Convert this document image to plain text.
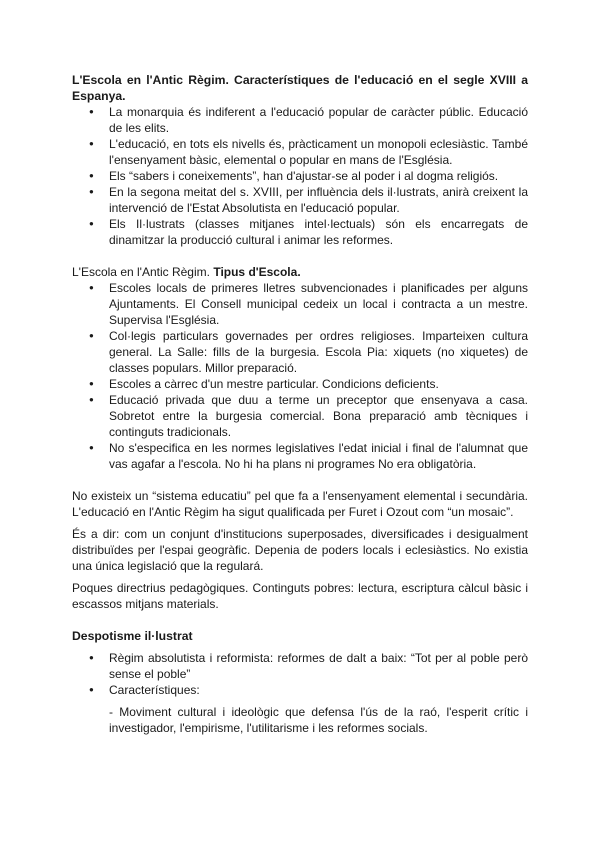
L'Escola en l'Antic Règim. Característiques de l'educació en el segle XVIII a Espanya.
● La monarquia és indiferent a l'educació popular de caràcter públic. Educació de les elits.
● L'educació, en tots els nivells és, pràcticament un monopoli eclesiàstic. També l'ensenyament bàsic, elemental o popular en mans de l'Església.
● Els “sabers i coneixements”, han d'ajustar-se al poder i al dogma religiós.
● En la segona meitat del s. XVIII, per influència dels il·lustrats, anirà creixent la intervenció de l'Estat Absolutista en l'educació popular.
● Els Il·lustrats (classes mitjanes intel·lectuals) són els encarregats de dinamitzar la producció cultural i animar les reformes.
L'Escola en l'Antic Règim. Tipus d'Escola.
● Escoles locals de primeres lletres subvencionades i planificades per alguns Ajuntaments. El Consell municipal cedeix un local i contracta a un mestre. Supervisa l'Església.
● Col·legis particulars governades per ordres religioses. Imparteixen cultura general. La Salle: fills de la burgesia. Escola Pia: xiquets (no xiquetes) de classes populars. Millor preparació.
● Escoles a càrrec d'un mestre particular. Condicions deficients.
● Educació privada que duu a terme un preceptor que ensenyava a casa. Sobretot entre la burgesia comercial. Bona preparació amb tècniques i continguts tradicionals.
● No s'especifica en les normes legislatives l'edat inicial i final de l'alumnat que vas agafar a l'escola. No hi ha plans ni programes No era obligatòria.

No existeix un “sistema educatiu” pel que fa a l'ensenyament elemental i secundària. L'educació en l'Antic Règim ha sigut qualificada per Furet i Ozout com “un mosaic”.

És a dir: com un conjunt d'institucions superposades, diversificades i desigualment distribuïdes per l'espai geogràfic. Depenia de poders locals i eclesiàstics. No existia una única legislació que la regulará.

Poques directrius pedagògiques. Continguts pobres: lectura, escriptura càlcul bàsic i escassos mitjans materials.

Despotisme il·lustrat
● Règim absolutista i reformista: reformes de dalt a baix: “Tot per al poble però sense el poble”
● Característiques:
- Moviment cultural i ideològic que defensa l'ús de la raó, l'esperit crític i investigador, l'empirisme, l'utilitarisme i les reformes socials.
